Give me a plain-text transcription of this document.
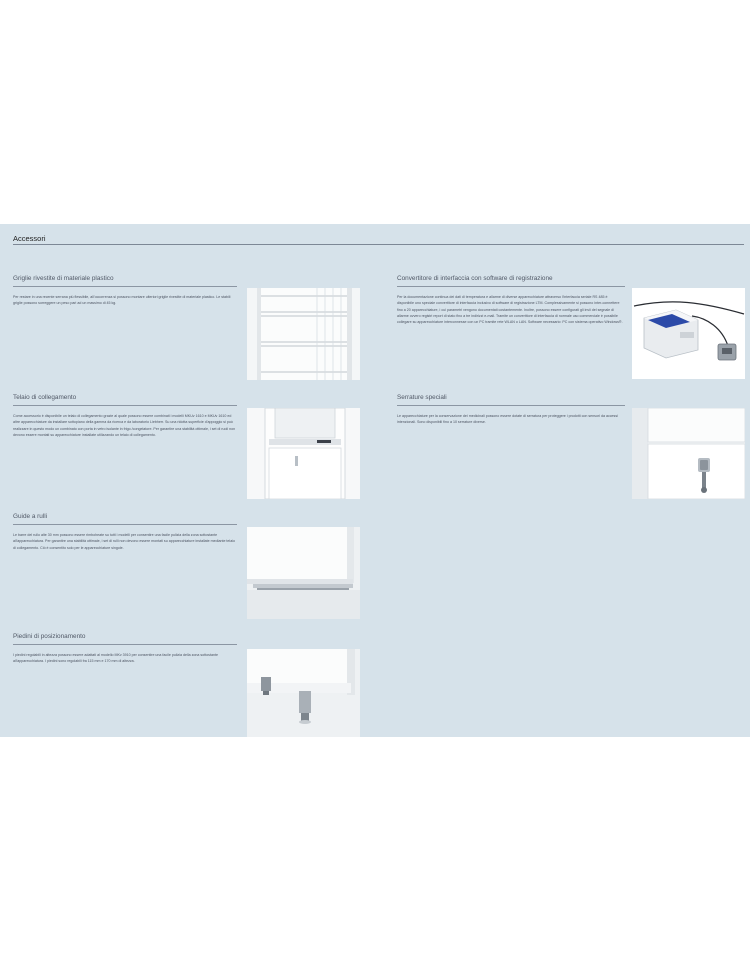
Accessori
Griglie rivestite di materiale plastico
Per restare in una recente serrana più flessibile, all'occorrenza si possono montare ulteriori griglie rivestite di materiale plastico. Le stabili griglie possono sorreggere un peso pari ad un massimo di 45 kg.
Telaio di collegamento
Come accessorio è disponibile un telaio di collegamento grazie al quale possono essere combinati i modelli MKUv 1610 e MKUv 1610 ed altre apparecchiature da installare sottopiano della gamma da ricerca e da laboratorio Liebherr. Su una ridotta superficie d'appoggio si può realizzare in questo modo un combinato con porta in vetro isolante in frigo /congelatore. Per garantire una stabilità ottimale, i set di ruoli non devono essere montati su apparecchiature installate utilizzando un telaio di collegamento.
Guide a rulli
Le barre del rullo alte 30 mm possono essere rimboheate su tutti i modelli per consentire una facile pulizia della zona sottostante all'apparecchiatura. Per garantire una stabilità ottimale, i set di rulli non devono essere montati su apparecchiature installate mediante telaio di collegamento. Ciò è consentito solo per le apparecchiature singole.
Piedini di posizionamento
I piedini regolabili in altezza possono essere adattati al modello MKv 3910 per consentire una facile pulizia della zona sottostante all'apparecchiatura. I piedini sono regolabili fra 115 mm e 170 mm di altezza.
Convertitore di interfaccia con software di registrazione
Per la documentazione continua dei dati di temperatura e allarme di diverse apparecchiature attraverso l'interfaccia seriale RS 485 è disponibile uno speciale convertitore di interfaccia inclusivo di software di registrazione LTM. Complessivamente si possono inter-connettere fino a 20 apparecchiature, i cui parametri vengono documentati costantemente. Inoltre, possono essere configurati gli invii del segnale di allarme ovvero registri report di stato fino a tre indirizzi e-mail. Tramite un convertitore di interfaccia di normale uso commerciale è possibile collegare su apparecchiature interconnesse con un PC tramite rete WLAN o LAN. Software necessario: PC con sistema operativo Windows®.
Serrature speciali
Le apparecchiature per la conservazione dei medicinali possono essere dotate di serratura per proteggere i prodotti con sensori da accessi intenzionali. Sono disponibili fino a 10 serrature diverse.
